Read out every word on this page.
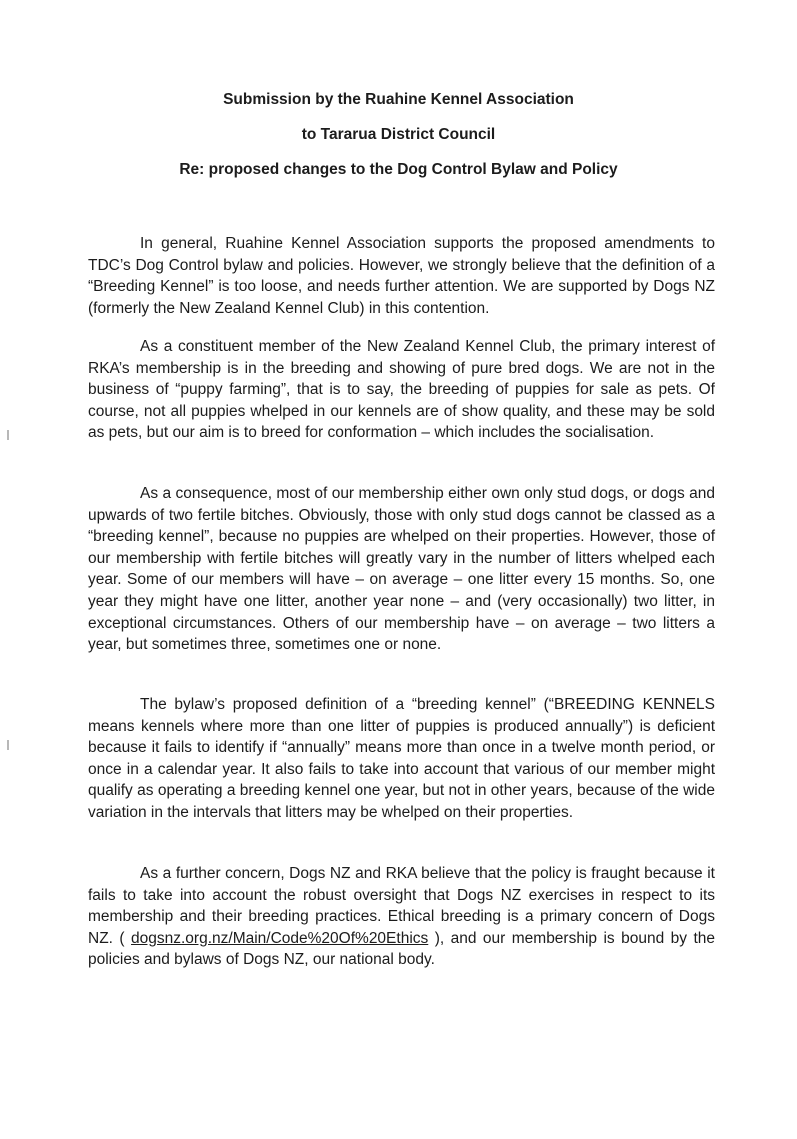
Submission by the Ruahine Kennel Association
to Tararua District Council
Re: proposed changes to the Dog Control Bylaw and Policy
In general, Ruahine Kennel Association supports the proposed amendments to TDC’s Dog Control bylaw and policies. However, we strongly believe that the definition of a “Breeding Kennel” is too loose, and needs further attention. We are supported by Dogs NZ (formerly the New Zealand Kennel Club) in this contention.
As a constituent member of the New Zealand Kennel Club, the primary interest of RKA’s membership is in the breeding and showing of pure bred dogs. We are not in the business of “puppy farming”, that is to say, the breeding of puppies for sale as pets. Of course, not all puppies whelped in our kennels are of show quality, and these may be sold as pets, but our aim is to breed for conformation – which includes the socialisation.
As a consequence, most of our membership either own only stud dogs, or dogs and upwards of two fertile bitches. Obviously, those with only stud dogs cannot be classed as a “breeding kennel”, because no puppies are whelped on their properties. However, those of our membership with fertile bitches will greatly vary in the number of litters whelped each year. Some of our members will have – on average – one litter every 15 months. So, one year they might have one litter, another year none – and (very occasionally) two litter, in exceptional circumstances. Others of our membership have – on average – two litters a year, but sometimes three, sometimes one or none.
The bylaw’s proposed definition of a “breeding kennel” (“BREEDING KENNELS means kennels where more than one litter of puppies is produced annually”) is deficient because it fails to identify if “annually” means more than once in a twelve month period, or once in a calendar year. It also fails to take into account that various of our member might qualify as operating a breeding kennel one year, but not in other years, because of the wide variation in the intervals that litters may be whelped on their properties.
As a further concern, Dogs NZ and RKA believe that the policy is fraught because it fails to take into account the robust oversight that Dogs NZ exercises in respect to its membership and their breeding practices. Ethical breeding is a primary concern of Dogs NZ. ( dogsnz.org.nz/Main/Code%20Of%20Ethics ), and our membership is bound by the policies and bylaws of Dogs NZ, our national body.
